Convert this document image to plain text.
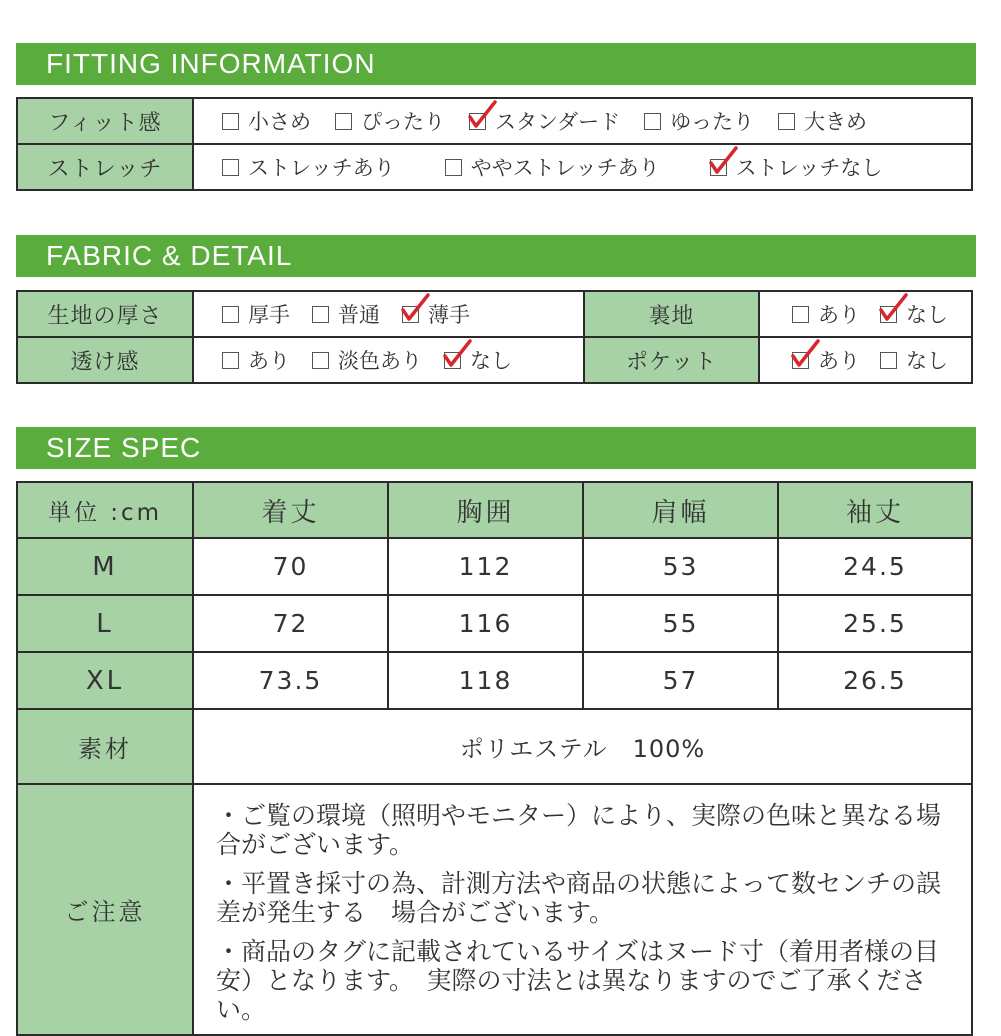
FITTING INFORMATION
フィット感	小さめ ぴったり スタンダード ゆったり 大きめ
ストレッチ	ストレッチあり ややストレッチあり ストレッチなし
FABRIC & DETAIL
生地の厚さ	厚手 普通 薄手	裏地	あり なし
透け感	あり 淡色あり なし	ポケット	あり なし
SIZE SPEC
単位 :cm	着丈	胸囲	肩幅	袖丈
M	70	112	53	24.5
L	72	116	55	25.5
XL	73.5	118	57	26.5
素材	ポリエステル　100%			
ご注意	・ご覧の環境（照明やモニター）により、実際の色味と異なる場合がございます。
・平置き採寸の為、計測方法や商品の状態によって数センチの誤差が発生する　場合がございます。
・商品のタグに記載されているサイズはヌード寸（着用者様の目安）となります。　実際の寸法とは異なりますのでご了承ください。			
